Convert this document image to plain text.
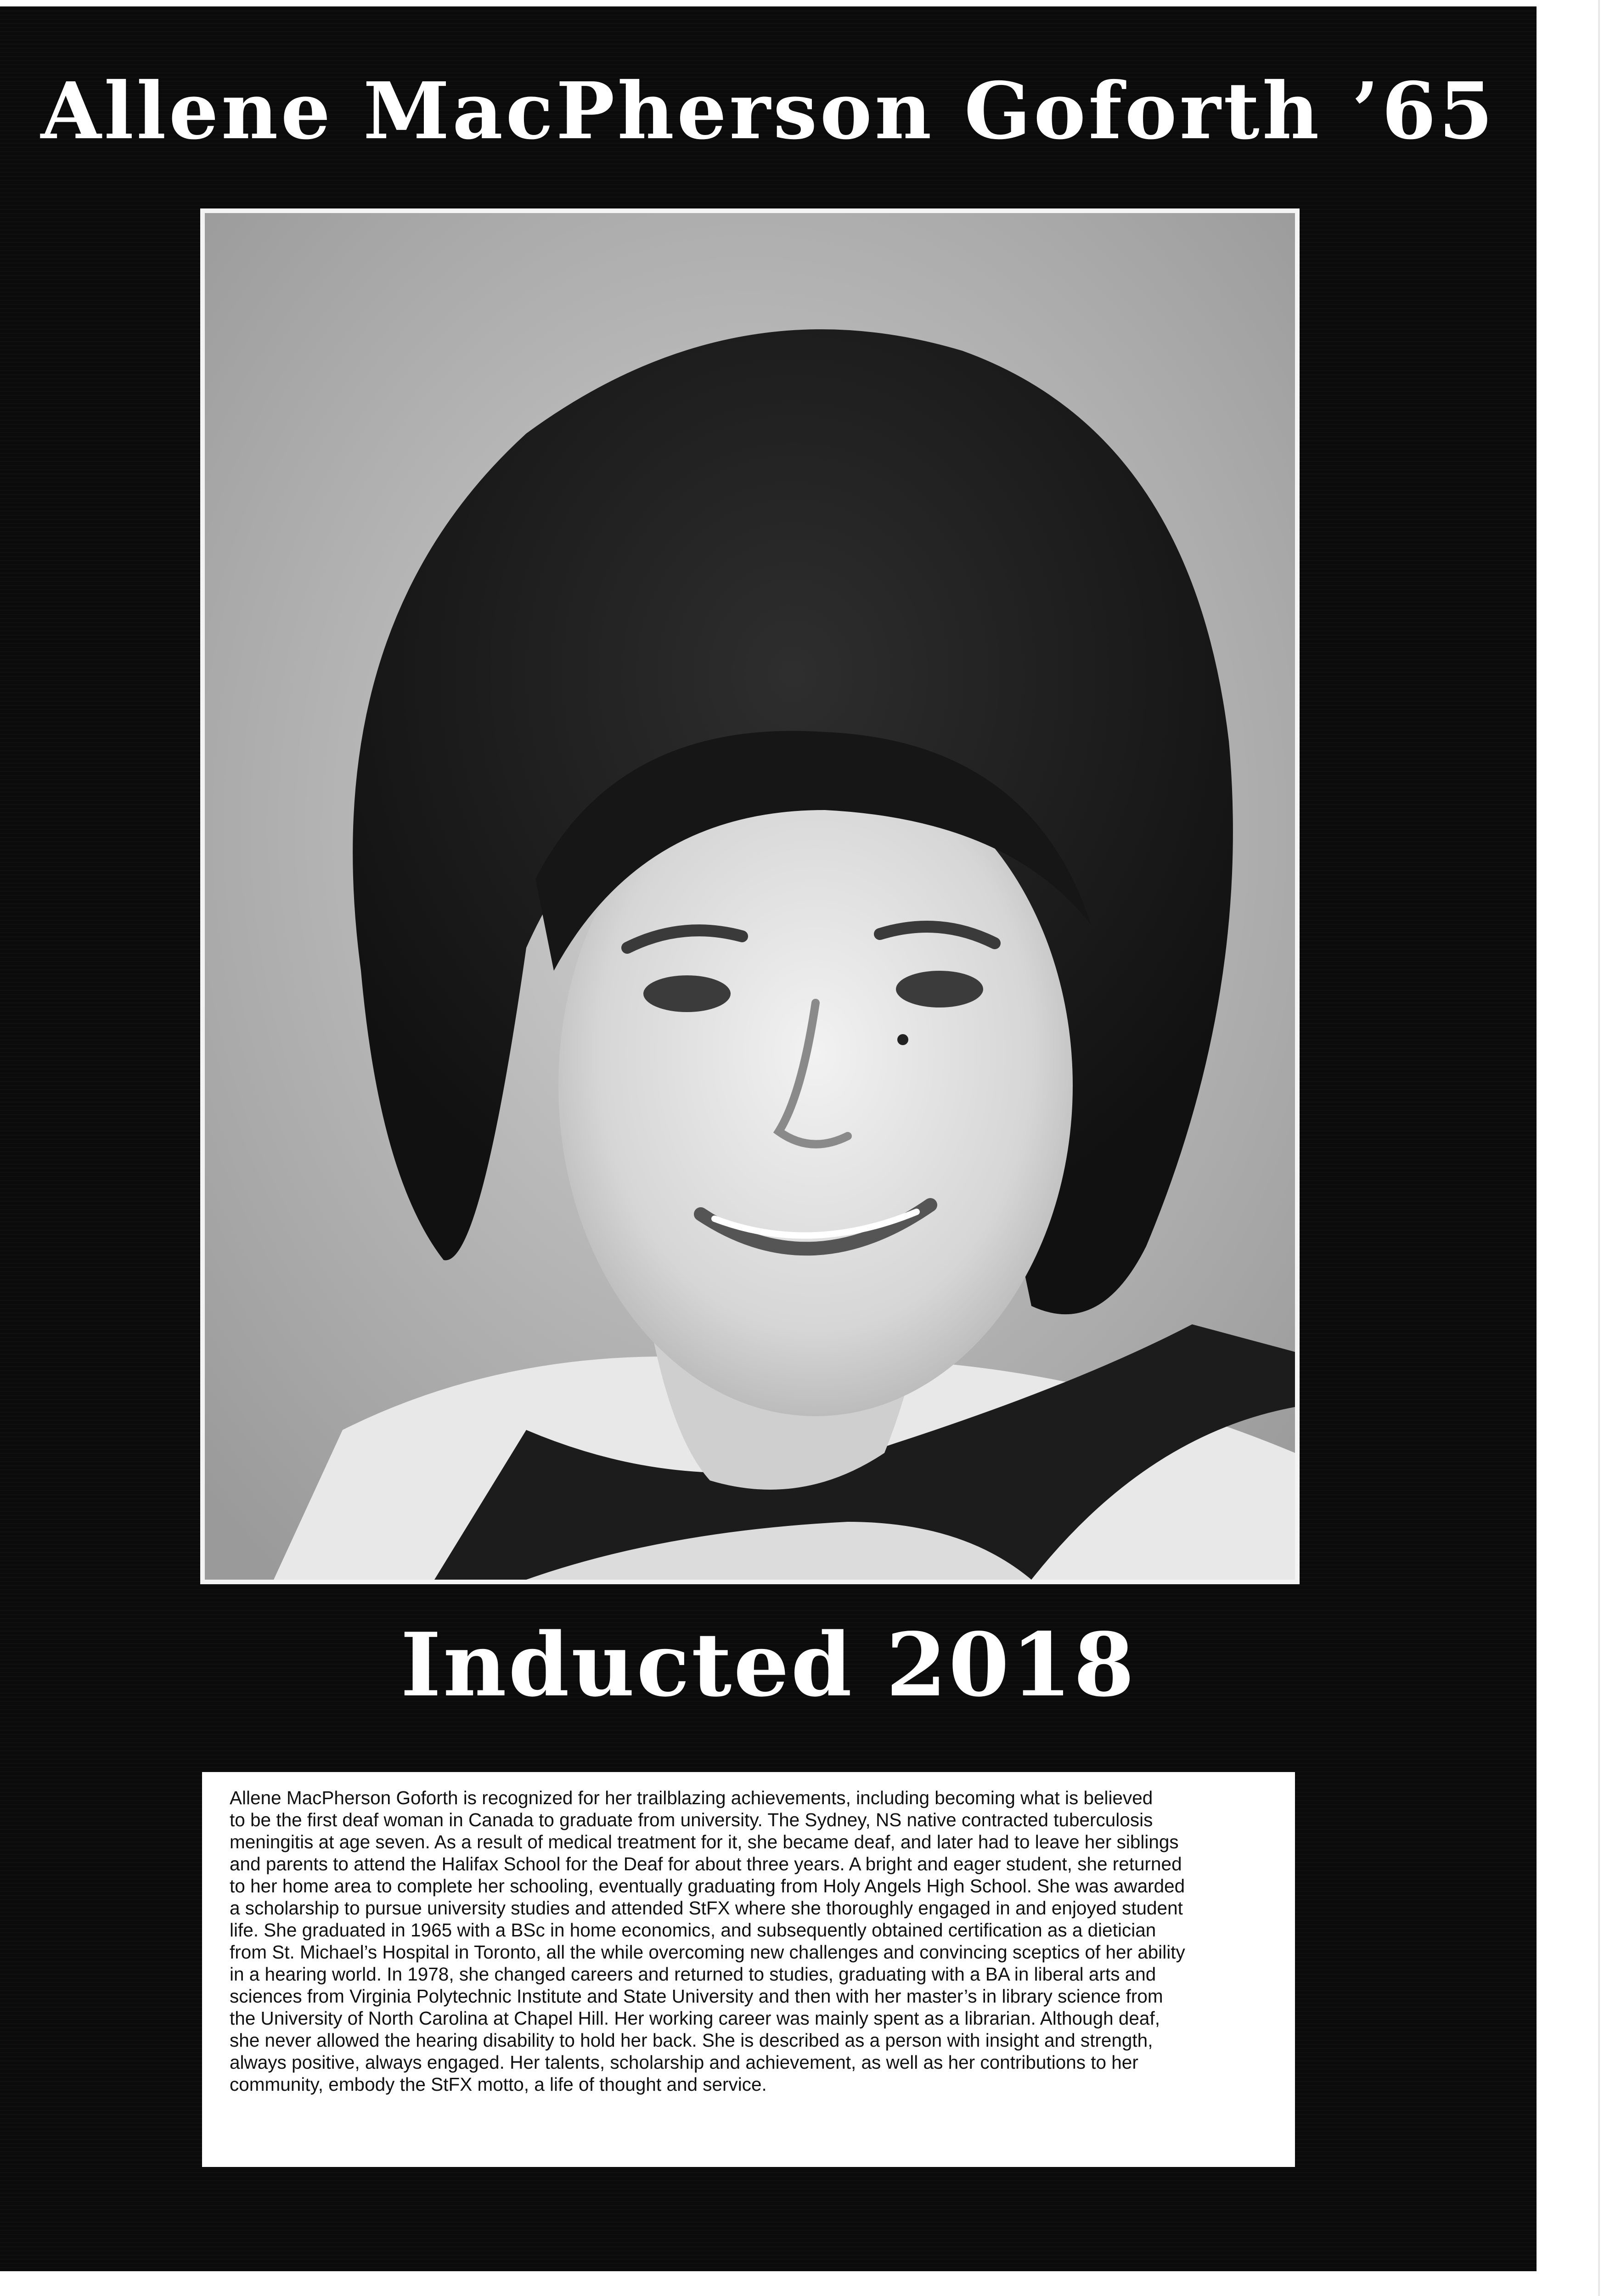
Allene MacPherson Goforth ’65
Inducted 2018

Allene MacPherson Goforth is recognized for her trailblazing achievements, including becoming what is believed
to be the first deaf woman in Canada to graduate from university. The Sydney, NS native contracted tuberculosis
meningitis at age seven. As a result of medical treatment for it, she became deaf, and later had to leave her siblings
and parents to attend the Halifax School for the Deaf for about three years. A bright and eager student, she returned
to her home area to complete her schooling, eventually graduating from Holy Angels High School. She was awarded
a scholarship to pursue university studies and attended StFX where she thoroughly engaged in and enjoyed student
life. She graduated in 1965 with a BSc in home economics, and subsequently obtained certification as a dietician
from St. Michael’s Hospital in Toronto, all the while overcoming new challenges and convincing sceptics of her ability
in a hearing world. In 1978, she changed careers and returned to studies, graduating with a BA in liberal arts and
sciences from Virginia Polytechnic Institute and State University and then with her master’s in library science from
the University of North Carolina at Chapel Hill. Her working career was mainly spent as a librarian. Although deaf,
she never allowed the hearing disability to hold her back. She is described as a person with insight and strength,
always positive, always engaged. Her talents, scholarship and achievement, as well as her contributions to her
community, embody the StFX motto, a life of thought and service.
